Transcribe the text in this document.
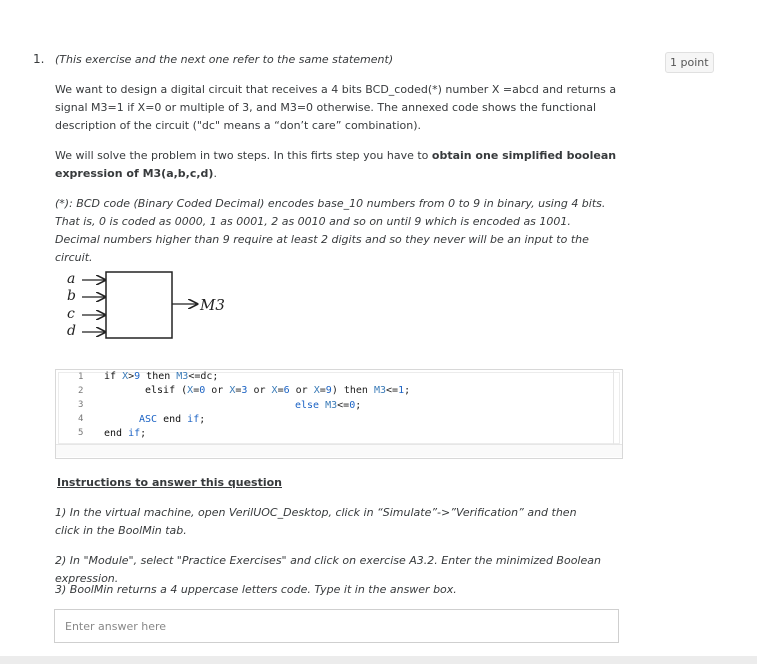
1.	1 point

(This exercise and the next one refer to the same statement)

We want to design a digital circuit that receives a 4 bits BCD_coded(*) number X =abcd and returns a signal M3=1 if X=0 or multiple of 3, and M3=0 otherwise. The annexed code shows the functional description of the circuit ("dc" means a “don’t care” combination).

We will solve the problem in two steps. In this firts step you have to obtain one simplified boolean expression of M3(a,b,c,d).

(*): BCD code (Binary Coded Decimal) encodes base_10 numbers from 0 to 9 in binary, using 4 bits. That is, 0 is coded as 0000, 1 as 0001, 2 as 0010 and so on until 9 which is encoded as 1001. Decimal numbers higher than 9 require at least 2 digits and so they never will be an input to the circuit.

a
b
c
d
M3
1
2
3
4
5
if X>9 then M3<=dc;
elsif (X=0 or X=3 or X=6 or X=9) then M3<=1;
else M3<=0;
ASC end if;
end if;
Instructions to answer this question

1) In the virtual machine, open VerilUOC_Desktop, click in “Simulate”->”Verification” and then click in the BoolMin tab.

2) In "Module", select "Practice Exercises" and click on exercise A3.2. Enter the minimized Boolean expression.

3) BoolMin returns a 4 uppercase letters code. Type it in the answer box.

Enter answer here
